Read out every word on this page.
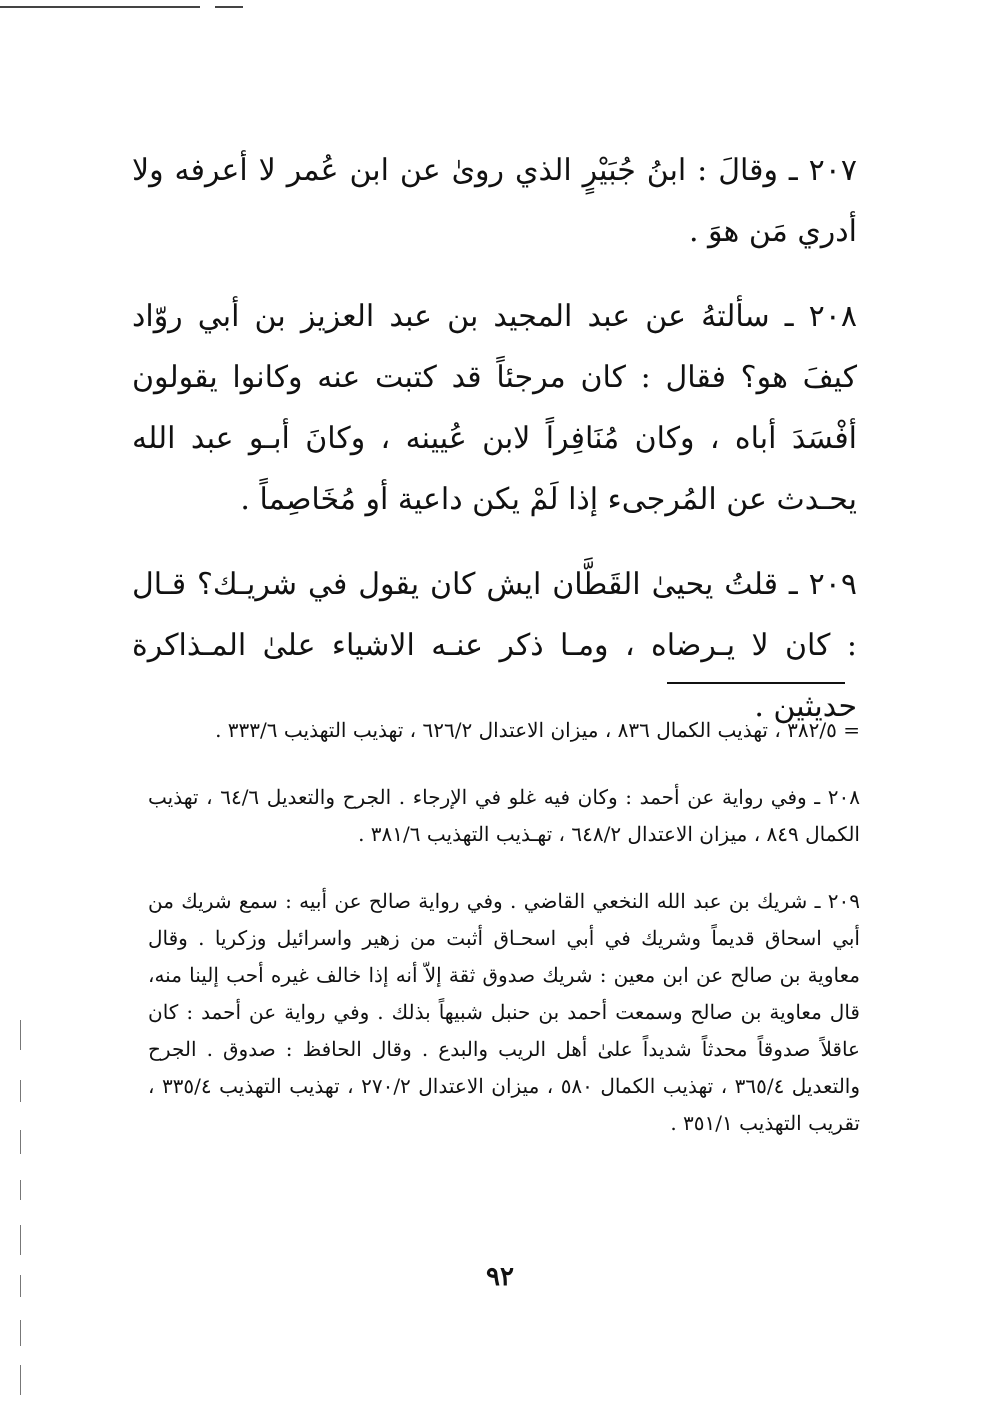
٢٠٧ ـ وقالَ : ابنُ جُبَيْرٍ الذي روىٰ عن ابن عُمر لا أعرفه ولا أدري مَن هوَ .

٢٠٨ ـ سألتهُ عن عبد المجيد بن عبد العزيز بن أبي روّاد كيفَ هو؟ فقال : كان مرجئاً قد كتبت عنه وكانوا يقولون أفْسَدَ أباه ، وكان مُنَافِراً لابن عُيينه ، وكانَ أبـو عبد الله يحـدث عن المُرجىء إذا لَمْ يكن داعية أو مُخَاصِماً .

٢٠٩ ـ قلتُ يحيىٰ القَطَّان ايش كان يقول في شريـك؟ قـال : كان لا يـرضاه ، ومـا ذكر عنـه الاشياء علىٰ المـذاكرة حديثين .

= ٣٨٢/٥ ، تهذيب الكمال ٨٣٦ ، ميزان الاعتدال ٦٢٦/٢ ، تهذيب التهذيب ٣٣٣/٦ .

٢٠٨ ـ وفي رواية عن أحمد : وكان فيه غلو في الإرجاء . الجرح والتعديل ٦٤/٦ ، تهذيب الكمال ٨٤٩ ، ميزان الاعتدال ٦٤٨/٢ ، تهـذيب التهذيب ٣٨١/٦ .

٢٠٩ ـ شريك بن عبد الله النخعي القاضي . وفي رواية صالح عن أبيه : سمع شريك من أبي اسحاق قديماً وشريك في أبي اسحـاق أثبت من زهير واسرائيل وزكريا . وقال معاوية بن صالح عن ابن معين : شريك صدوق ثقة إلاّ أنه إذا خالف غيره أحب إلينا منه، قال معاوية بن صالح وسمعت أحمد بن حنبل شبيهاً بذلك . وفي رواية عن أحمد : كان عاقلاً صدوقاً محدثاً شديداً علىٰ أهل الريب والبدع . وقال الحافظ : صدوق . الجرح والتعديل ٣٦٥/٤ ، تهذيب الكمال ٥٨٠ ، ميزان الاعتدال ٢٧٠/٢ ، تهذيب التهذيب ٣٣٥/٤ ، تقريب التهذيب ٣٥١/١ .

٩٢
